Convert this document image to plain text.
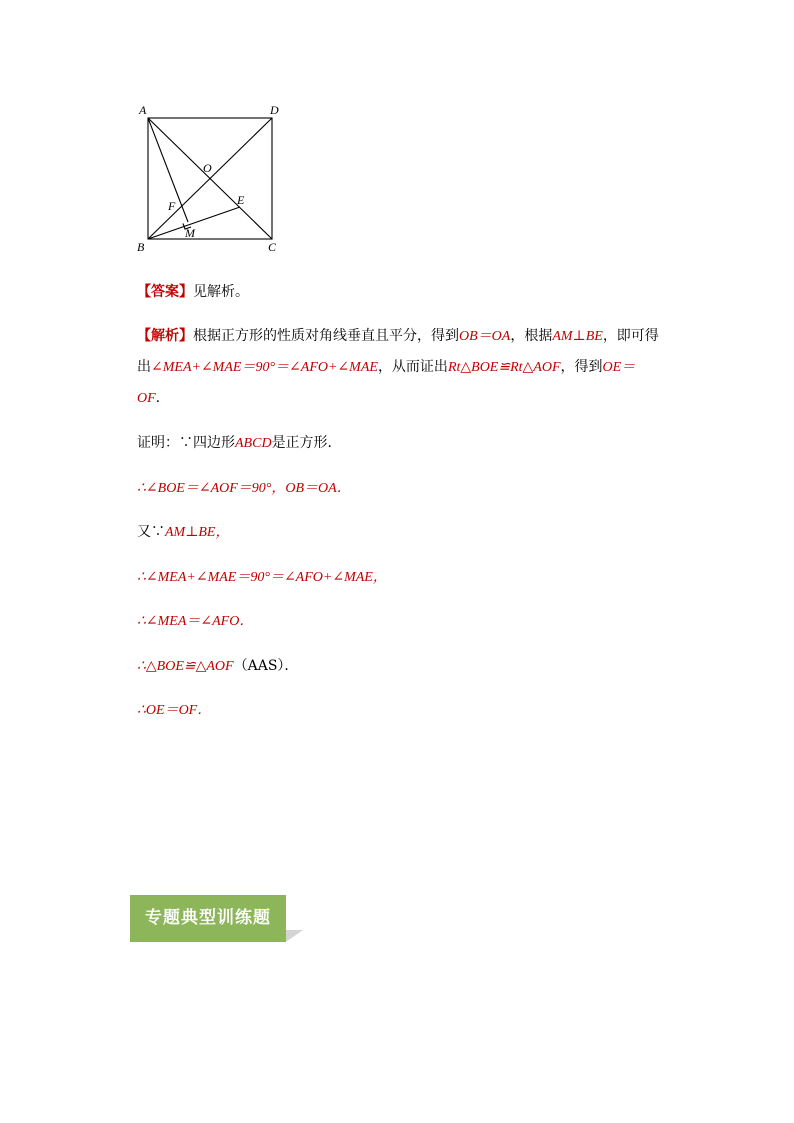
A	D
O
E
F
M
B	C
【答案】见解析。
【解析】根据正方形的性质对角线垂直且平分，得到OB＝OA，根据AM⊥BE，即可得
出∠MEA+∠MAE＝90°＝∠AFO+∠MAE，从而证出Rt△BOE≌Rt△AOF，得到OE＝
OF.
证明：∵四边形ABCD是正方形．
∴∠BOE＝∠AOF＝90°，OB＝OA．
又∵AM⊥BE，
∴∠MEA+∠MAE＝90°＝∠AFO+∠MAE，
∴∠MEA＝∠AFO．
∴△BOE≌△AOF（AAS）．
∴OE＝OF．
专题典型训练题
